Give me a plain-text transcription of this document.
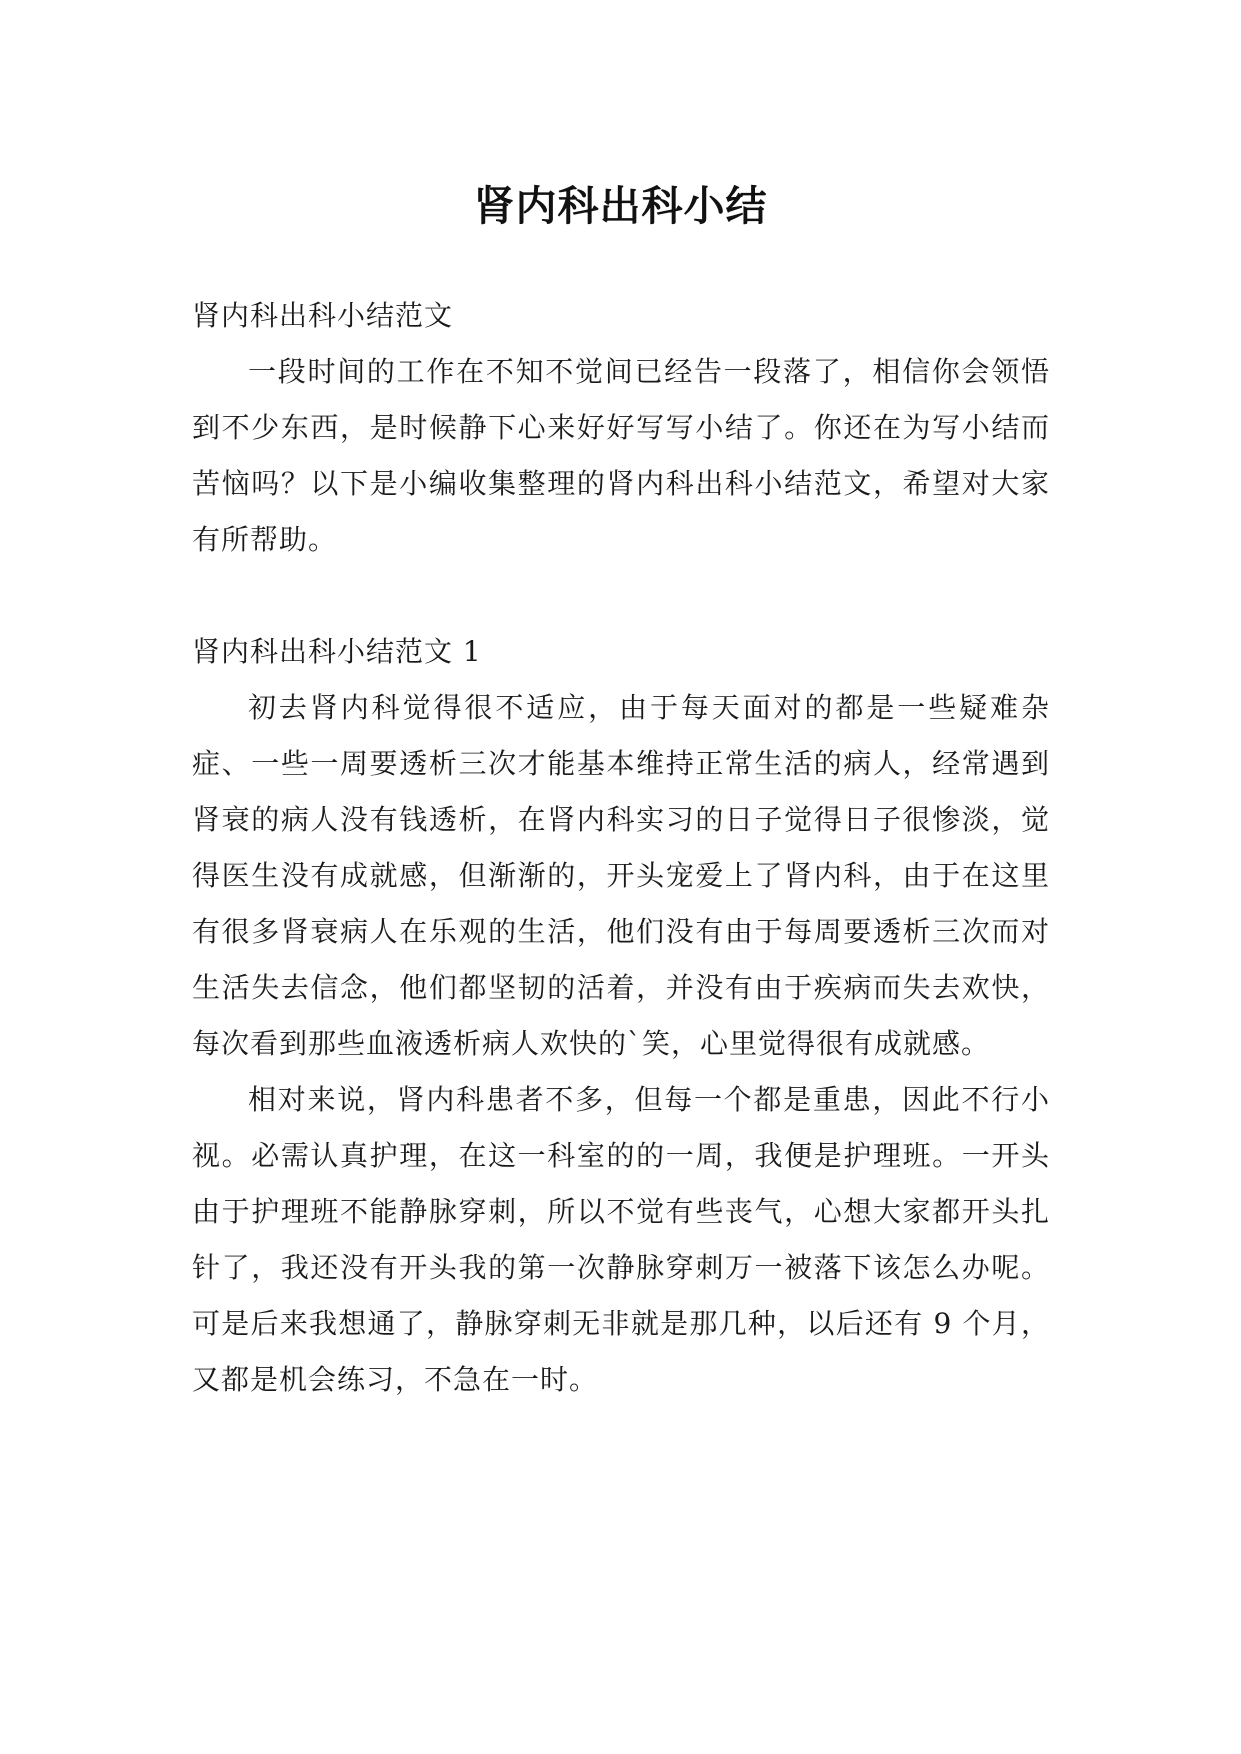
肾内科出科小结

肾内科出科小结范文

一段时间的工作在不知不觉间已经告一段落了，相信你会领悟到不少东西，是时候静下心来好好写写小结了。你还在为写小结而苦恼吗？以下是小编收集整理的肾内科出科小结范文，希望对大家有所帮助。

肾内科出科小结范文 1

初去肾内科觉得很不适应，由于每天面对的都是一些疑难杂症、一些一周要透析三次才能基本维持正常生活的病人，经常遇到肾衰的病人没有钱透析，在肾内科实习的日子觉得日子很惨淡，觉得医生没有成就感，但渐渐的，开头宠爱上了肾内科，由于在这里有很多肾衰病人在乐观的生活，他们没有由于每周要透析三次而对生活失去信念，他们都坚韧的活着，并没有由于疾病而失去欢快，每次看到那些血液透析病人欢快的`笑，心里觉得很有成就感。

相对来说，肾内科患者不多，但每一个都是重患，因此不行小视。必需认真护理，在这一科室的的一周，我便是护理班。一开头由于护理班不能静脉穿刺，所以不觉有些丧气，心想大家都开头扎针了，我还没有开头我的第一次静脉穿刺万一被落下该怎么办呢。可是后来我想通了，静脉穿刺无非就是那几种，以后还有 9 个月，又都是机会练习，不急在一时。
